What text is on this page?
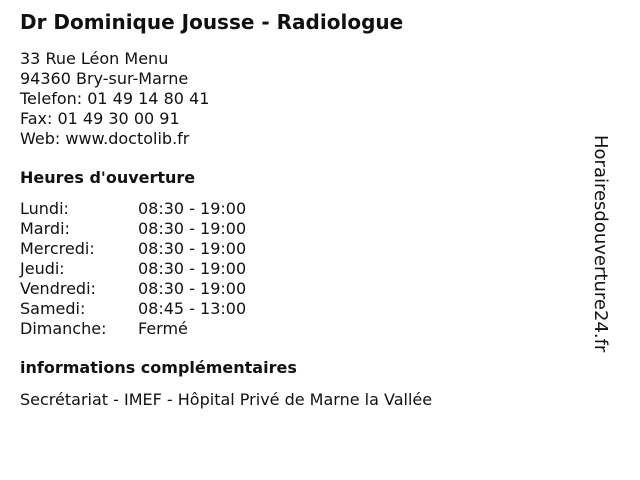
Dr Dominique Jousse - Radiologue
33 Rue Léon Menu
94360 Bry-sur-Marne
Telefon: 01 49 14 80 41
Fax: 01 49 30 00 91
Web: www.doctolib.fr
Heures d'ouverture
Lundi:	08:30 - 19:00
Mardi:	08:30 - 19:00
Mercredi:	08:30 - 19:00
Jeudi:	08:30 - 19:00
Vendredi:	08:30 - 19:00
Samedi:	08:45 - 13:00
Dimanche:	Fermé
informations complémentaires
Secrétariat - IMEF - Hôpital Privé de Marne la Vallée
Horairesdouverture24.fr
